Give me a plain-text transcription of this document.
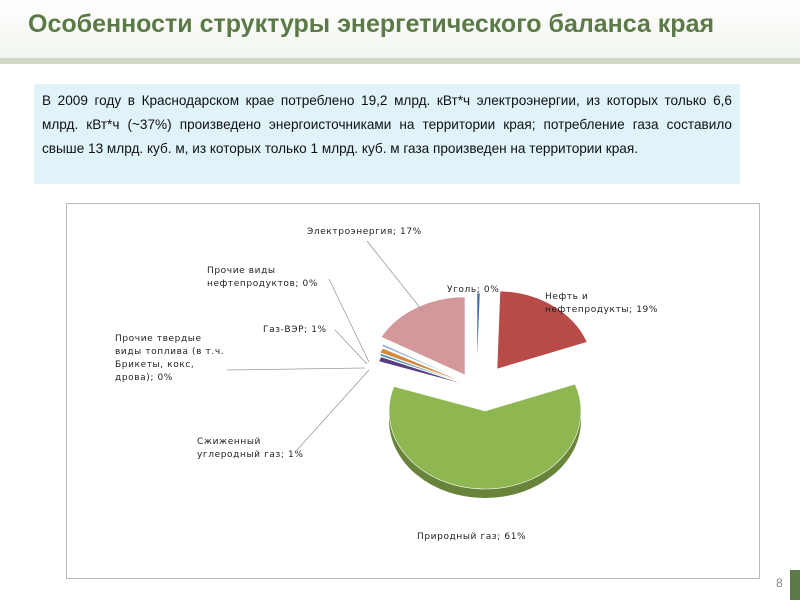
Особенности структуры энергетического баланса края
В 2009 году в Краснодарском крае потреблено 19,2 млрд. кВт*ч электроэнергии, из которых только 6,6 млрд. кВт*ч (~37%) произведено энергоисточниками на территории края; потребление газа составило свыше 13 млрд. куб. м, из которых только 1 млрд. куб. м газа произведен на территории края.
Уголь; 0%
Нефть и нефтепродукты; 19%
Природный газ; 61%
Сжиженный углеродный газ; 1%
Прочие твердые виды топлива (в т.ч. Брикеты, кокс, дрова); 0%
Газ-ВЭР; 1%
Прочие виды нефтепродуктов; 0%
Электроэнергия; 17%
8
